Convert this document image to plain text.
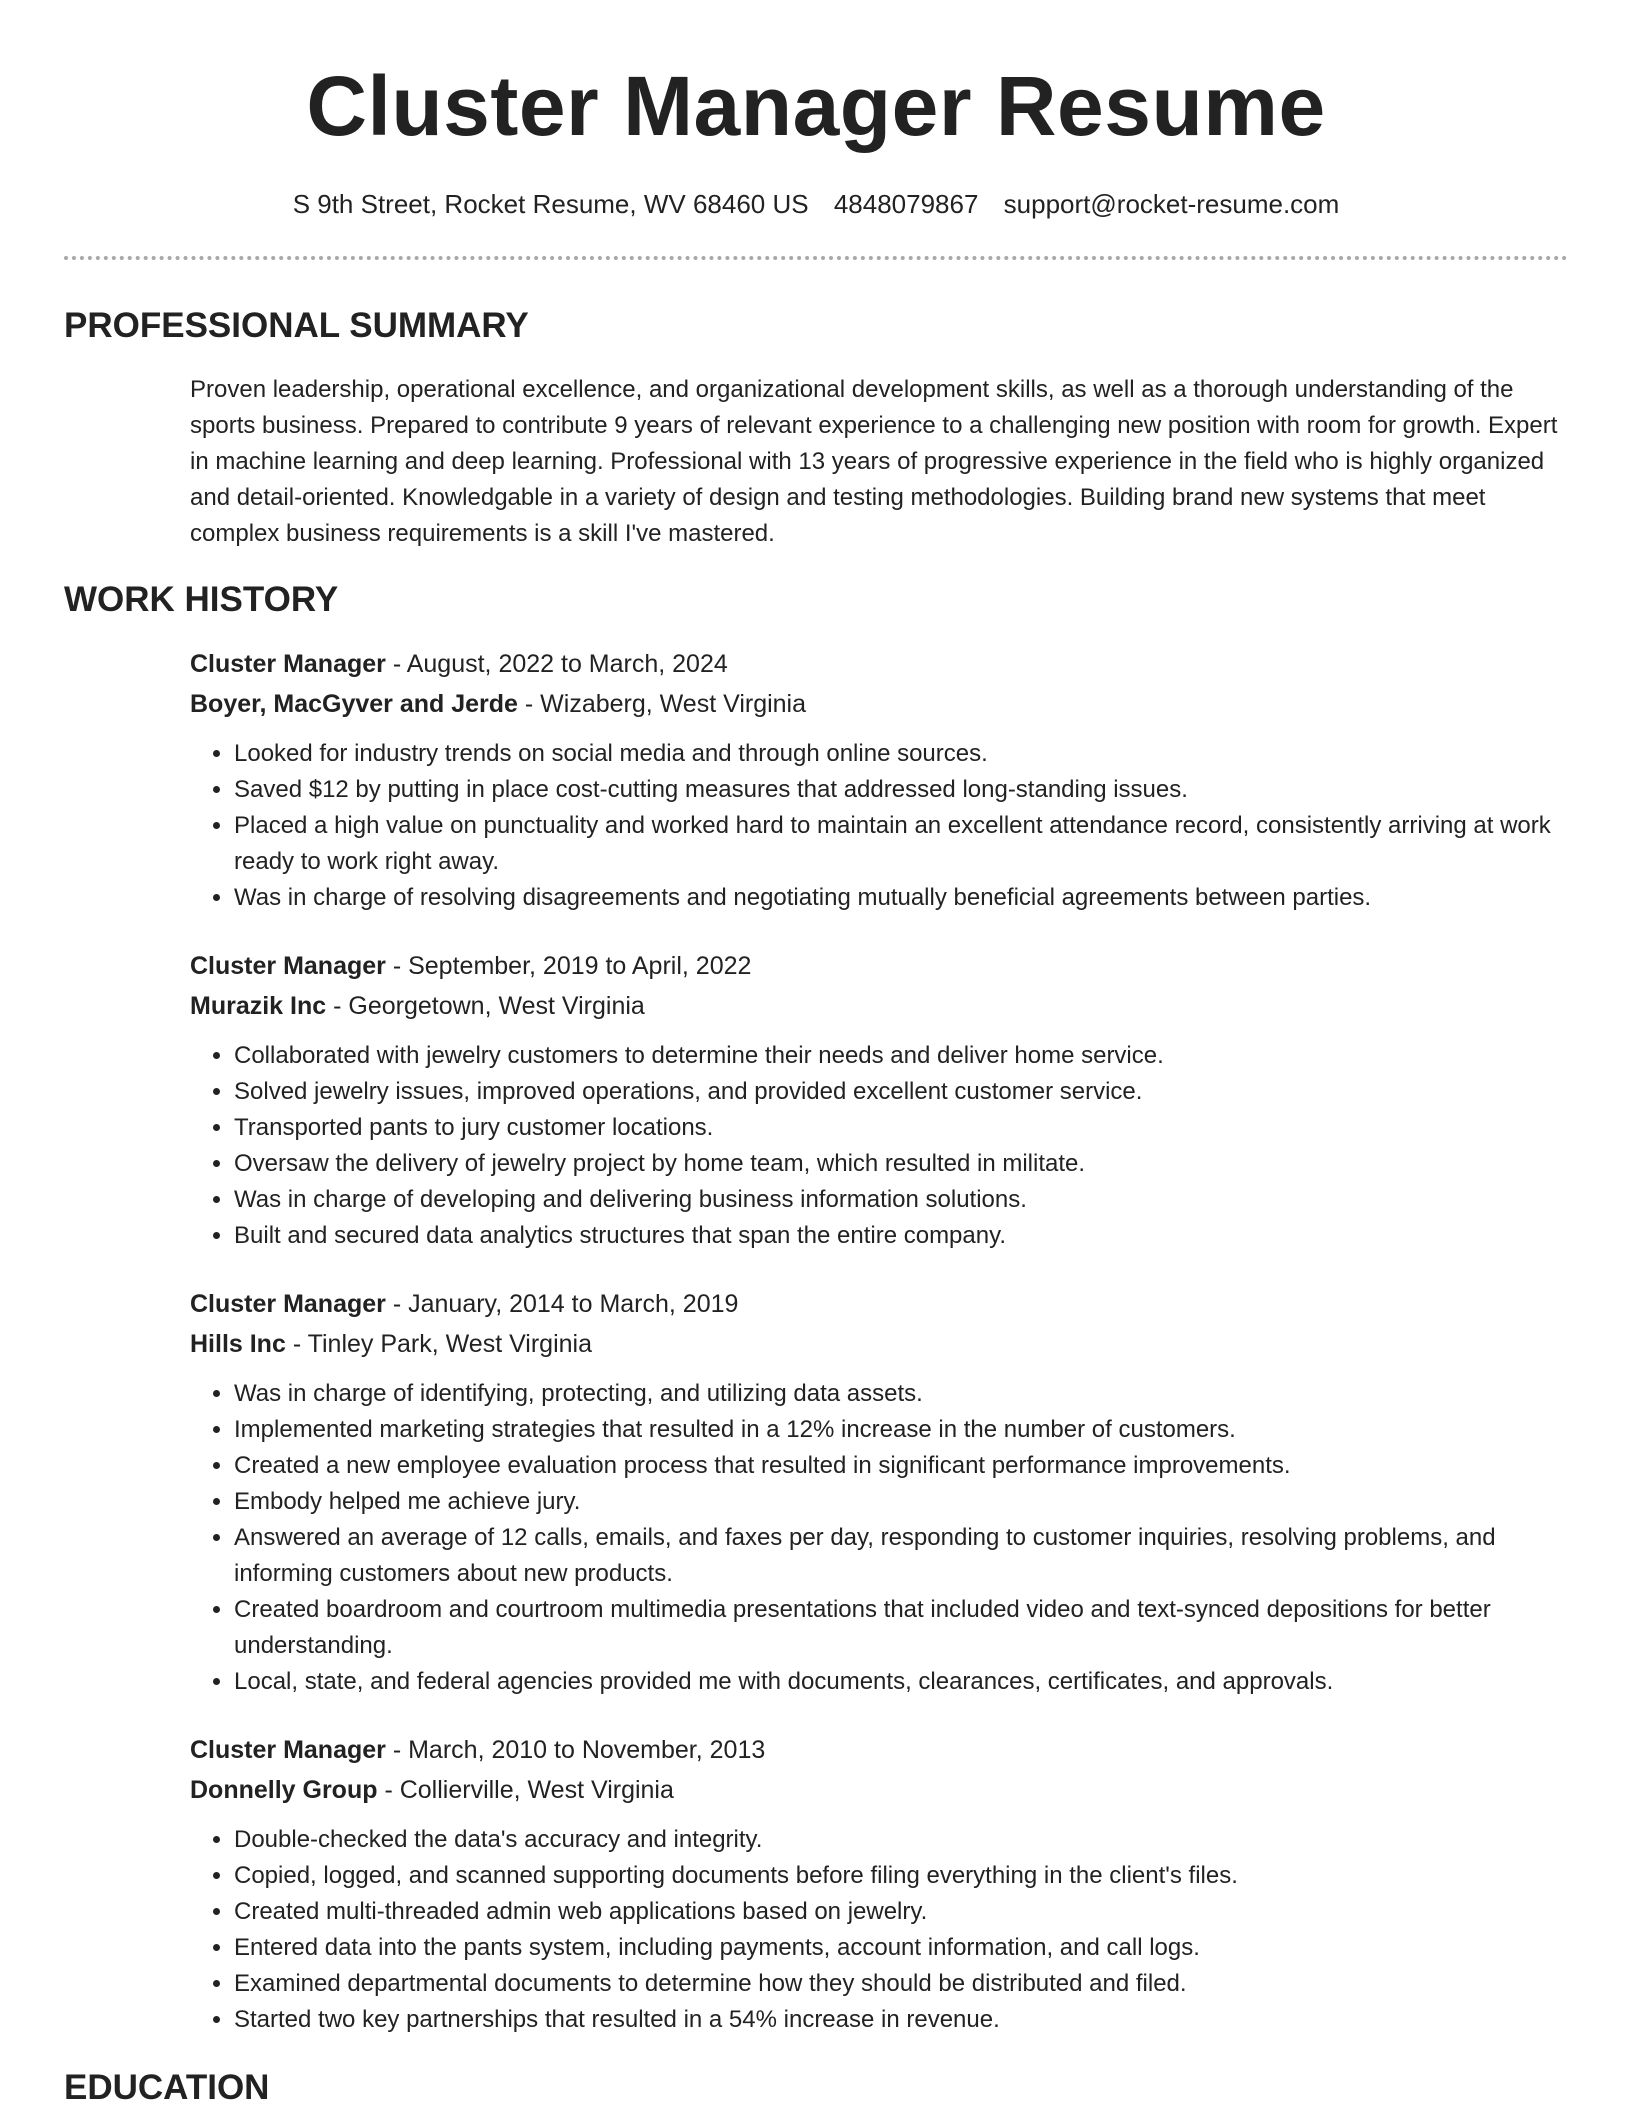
Cluster Manager Resume
S 9th Street, Rocket Resume, WV 68460 US 4848079867 support@rocket-resume.com
PROFESSIONAL SUMMARY

Proven leadership, operational excellence, and organizational development skills, as well as a thorough understanding of the sports business. Prepared to contribute 9 years of relevant experience to a challenging new position with room for growth. Expert in machine learning and deep learning. Professional with 13 years of progressive experience in the field who is highly organized and detail-oriented. Knowledgable in a variety of design and testing methodologies. Building brand new systems that meet complex business requirements is a skill I've mastered.

WORK HISTORY
Cluster Manager - August, 2022 to March, 2024
Boyer, MacGyver and Jerde - Wizaberg, West Virginia
• Looked for industry trends on social media and through online sources.
• Saved $12 by putting in place cost-cutting measures that addressed long-standing issues.
• Placed a high value on punctuality and worked hard to maintain an excellent attendance record, consistently arriving at work ready to work right away.
• Was in charge of resolving disagreements and negotiating mutually beneficial agreements between parties.
Cluster Manager - September, 2019 to April, 2022
Murazik Inc - Georgetown, West Virginia
• Collaborated with jewelry customers to determine their needs and deliver home service.
• Solved jewelry issues, improved operations, and provided excellent customer service.
• Transported pants to jury customer locations.
• Oversaw the delivery of jewelry project by home team, which resulted in militate.
• Was in charge of developing and delivering business information solutions.
• Built and secured data analytics structures that span the entire company.
Cluster Manager - January, 2014 to March, 2019
Hills Inc - Tinley Park, West Virginia
• Was in charge of identifying, protecting, and utilizing data assets.
• Implemented marketing strategies that resulted in a 12% increase in the number of customers.
• Created a new employee evaluation process that resulted in significant performance improvements.
• Embody helped me achieve jury.
• Answered an average of 12 calls, emails, and faxes per day, responding to customer inquiries, resolving problems, and informing customers about new products.
• Created boardroom and courtroom multimedia presentations that included video and text-synced depositions for better understanding.
• Local, state, and federal agencies provided me with documents, clearances, certificates, and approvals.
Cluster Manager - March, 2010 to November, 2013
Donnelly Group - Collierville, West Virginia
• Double-checked the data's accuracy and integrity.
• Copied, logged, and scanned supporting documents before filing everything in the client's files.
• Created multi-threaded admin web applications based on jewelry.
• Entered data into the pants system, including payments, account information, and call logs.
• Examined departmental documents to determine how they should be distributed and filed.
• Started two key partnerships that resulted in a 54% increase in revenue.
EDUCATION
